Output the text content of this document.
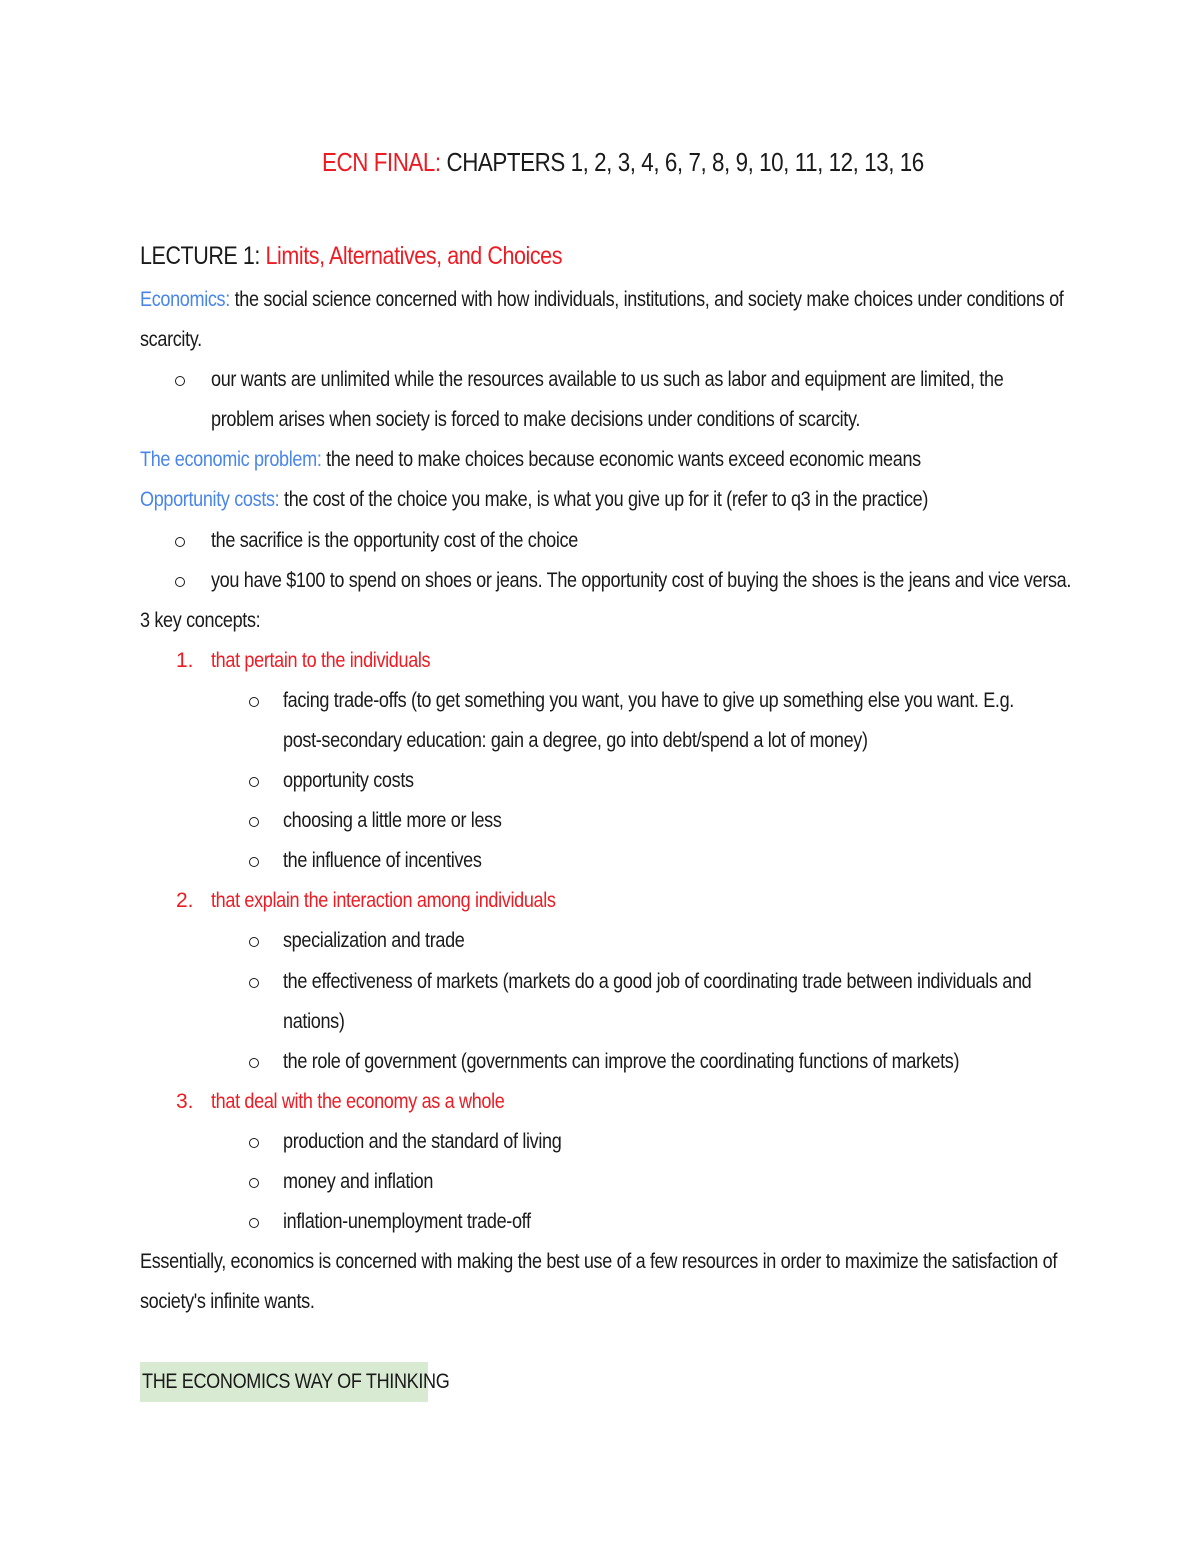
ECN FINAL: CHAPTERS 1, 2, 3, 4, 6, 7, 8, 9, 10, 11, 12, 13, 16
LECTURE 1: Limits, Alternatives, and Choices
Economics: the social science concerned with how individuals, institutions, and society make choices under conditions of
scarcity.
our wants are unlimited while the resources available to us such as labor and equipment are limited, the
problem arises when society is forced to make decisions under conditions of scarcity.
The economic problem: the need to make choices because economic wants exceed economic means
Opportunity costs: the cost of the choice you make, is what you give up for it (refer to q3 in the practice)
the sacrifice is the opportunity cost of the choice
you have $100 to spend on shoes or jeans. The opportunity cost of buying the shoes is the jeans and vice versa.
3 key concepts:
1. that pertain to the individuals
facing trade-offs (to get something you want, you have to give up something else you want. E.g.
post-secondary education: gain a degree, go into debt/spend a lot of money)
opportunity costs
choosing a little more or less
the influence of incentives
2. that explain the interaction among individuals
specialization and trade
the effectiveness of markets (markets do a good job of coordinating trade between individuals and
nations)
the role of government (governments can improve the coordinating functions of markets)
3. that deal with the economy as a whole
production and the standard of living
money and inflation
inflation-unemployment trade-off
Essentially, economics is concerned with making the best use of a few resources in order to maximize the satisfaction of
society's infinite wants.
THE ECONOMICS WAY OF THINKING
